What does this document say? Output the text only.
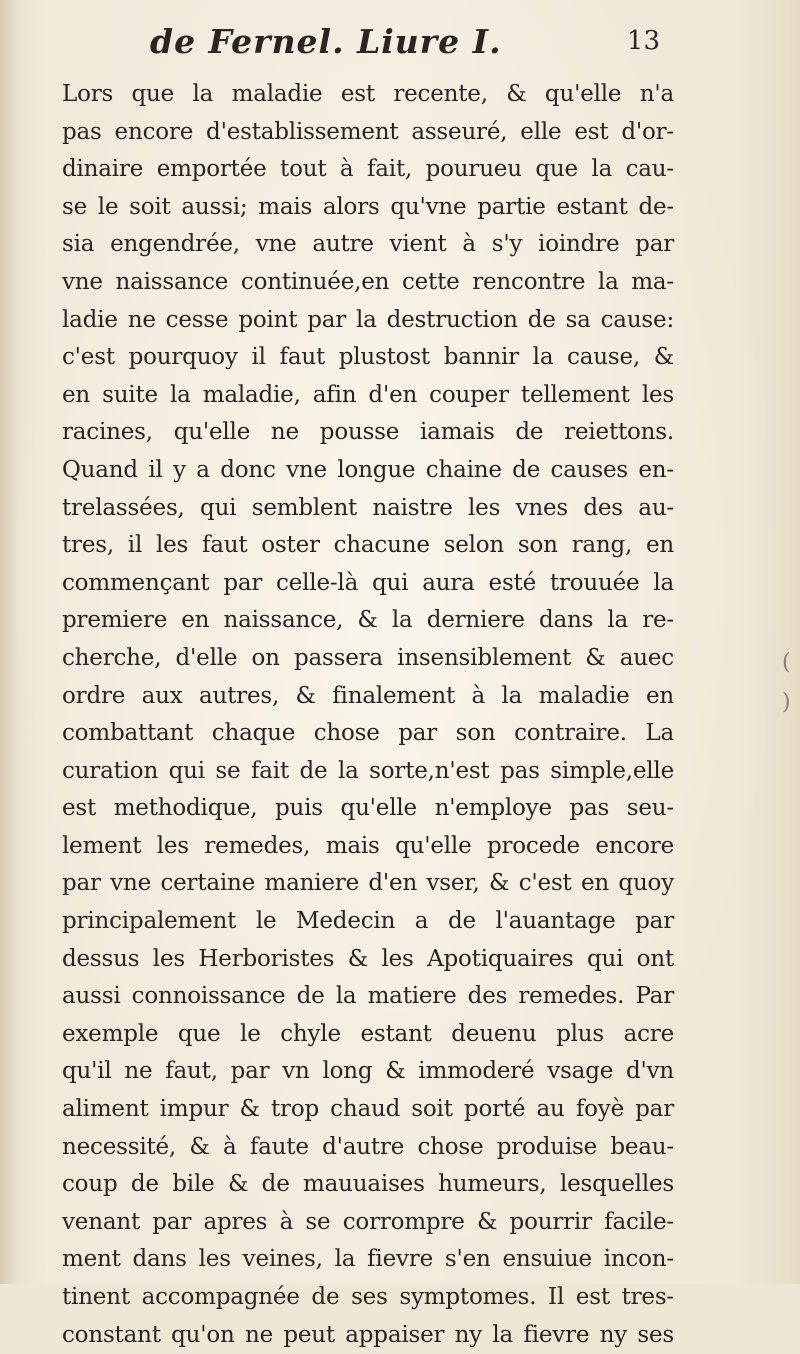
de Fernel. Liure I.	13
Lors que la maladie est recente, & qu'elle n'a
pas encore d'establissement asseuré, elle est d'or-
dinaire emportée tout à fait, pourueu que la cau-
se le soit aussi; mais alors qu'vne partie estant de-
sia engendrée, vne autre vient à s'y ioindre par
vne naissance continuée,en cette rencontre la ma-
ladie ne cesse point par la destruction de sa cause:
c'est pourquoy il faut plustost bannir la cause, &
en suite la maladie, afin d'en couper tellement les
racines, qu'elle ne pousse iamais de reiettons.
Quand il y a donc vne longue chaine de causes en-
trelassées, qui semblent naistre les vnes des au-
tres, il les faut oster chacune selon son rang, en
commençant par celle-là qui aura esté trouuée la
premiere en naissance, & la derniere dans la re-
cherche, d'elle on passera insensiblement & auec
ordre aux autres, & finalement à la maladie en
combattant chaque chose par son contraire. La
curation qui se fait de la sorte,n'est pas simple,elle
est methodique, puis qu'elle n'employe pas seu-
lement les remedes, mais qu'elle procede encore
par vne certaine maniere d'en vser, & c'est en quoy
principalement le Medecin a de l'auantage par
dessus les Herboristes & les Apotiquaires qui ont
aussi connoissance de la matiere des remedes. Par
exemple que le chyle estant deuenu plus acre
qu'il ne faut, par vn long & immoderé vsage d'vn
aliment impur & trop chaud soit porté au foyè par
necessité, & à faute d'autre chose produise beau-
coup de bile & de mauuaises humeurs, lesquelles
venant par apres à se corrompre & pourrir facile-
ment dans les veines, la fievre s'en ensuiue incon-
tinent accompagnée de ses symptomes. Il est tres-
constant qu'on ne peut appaiser ny la fievre ny ses
(
)
